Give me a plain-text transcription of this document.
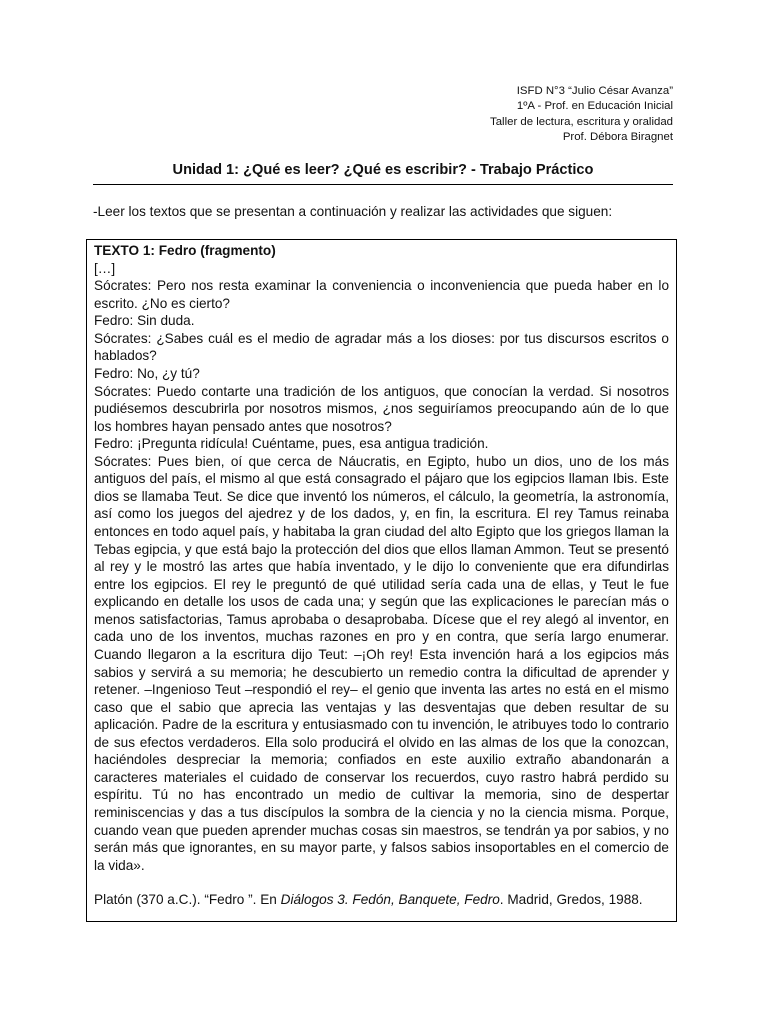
ISFD N°3 “Julio César Avanza”
1ºA - Prof. en Educación Inicial
Taller de lectura, escritura y oralidad
Prof. Débora Biragnet
Unidad 1: ¿Qué es leer? ¿Qué es escribir? - Trabajo Práctico
-Leer los textos que se presentan a continuación y realizar las actividades que siguen:

TEXTO 1: Fedro (fragmento)

[…]

Sócrates: Pero nos resta examinar la conveniencia o inconveniencia que pueda haber en lo escrito. ¿No es cierto?

Fedro: Sin duda.

Sócrates: ¿Sabes cuál es el medio de agradar más a los dioses: por tus discursos escritos o hablados?

Fedro: No, ¿y tú?

Sócrates: Puedo contarte una tradición de los antiguos, que conocían la verdad. Si nosotros pudiésemos descubrirla por nosotros mismos, ¿nos seguiríamos preocupando aún de lo que los hombres hayan pensado antes que nosotros?

Fedro: ¡Pregunta ridícula! Cuéntame, pues, esa antigua tradición.

Sócrates: Pues bien, oí que cerca de Náucratis, en Egipto, hubo un dios, uno de los más antiguos del país, el mismo al que está consagrado el pájaro que los egipcios llaman Ibis. Este dios se llamaba Teut. Se dice que inventó los números, el cálculo, la geometría, la astronomía, así como los juegos del ajedrez y de los dados, y, en fin, la escritura. El rey Tamus reinaba entonces en todo aquel país, y habitaba la gran ciudad del alto Egipto que los griegos llaman la Tebas egipcia, y que está bajo la protección del dios que ellos llaman Ammon. Teut se presentó al rey y le mostró las artes que había inventado, y le dijo lo conveniente que era difundirlas entre los egipcios. El rey le preguntó de qué utilidad sería cada una de ellas, y Teut le fue explicando en detalle los usos de cada una; y según que las explicaciones le parecían más o menos satisfactorias, Tamus aprobaba o desaprobaba. Dícese que el rey alegó al inventor, en cada uno de los inventos, muchas razones en pro y en contra, que sería largo enumerar. Cuando llegaron a la escritura dijo Teut: –¡Oh rey! Esta invención hará a los egipcios más sabios y servirá a su memoria; he descubierto un remedio contra la dificultad de aprender y retener. –Ingenioso Teut –respondió el rey– el genio que inventa las artes no está en el mismo caso que el sabio que aprecia las ventajas y las desventajas que deben resultar de su aplicación. Padre de la escritura y entusiasmado con tu invención, le atribuyes todo lo contrario de sus efectos verdaderos. Ella solo producirá el olvido en las almas de los que la conozcan, haciéndoles despreciar la memoria; confiados en este auxilio extraño abandonarán a caracteres materiales el cuidado de conservar los recuerdos, cuyo rastro habrá perdido su espíritu. Tú no has encontrado un medio de cultivar la memoria, sino de despertar reminiscencias y das a tus discípulos la sombra de la ciencia y no la ciencia misma. Porque, cuando vean que pueden aprender muchas cosas sin maestros, se tendrán ya por sabios, y no serán más que ignorantes, en su mayor parte, y falsos sabios insoportables en el comercio de la vida».

Platón (370 a.C.). “Fedro ”. En Diálogos 3. Fedón, Banquete, Fedro. Madrid, Gredos, 1988.
